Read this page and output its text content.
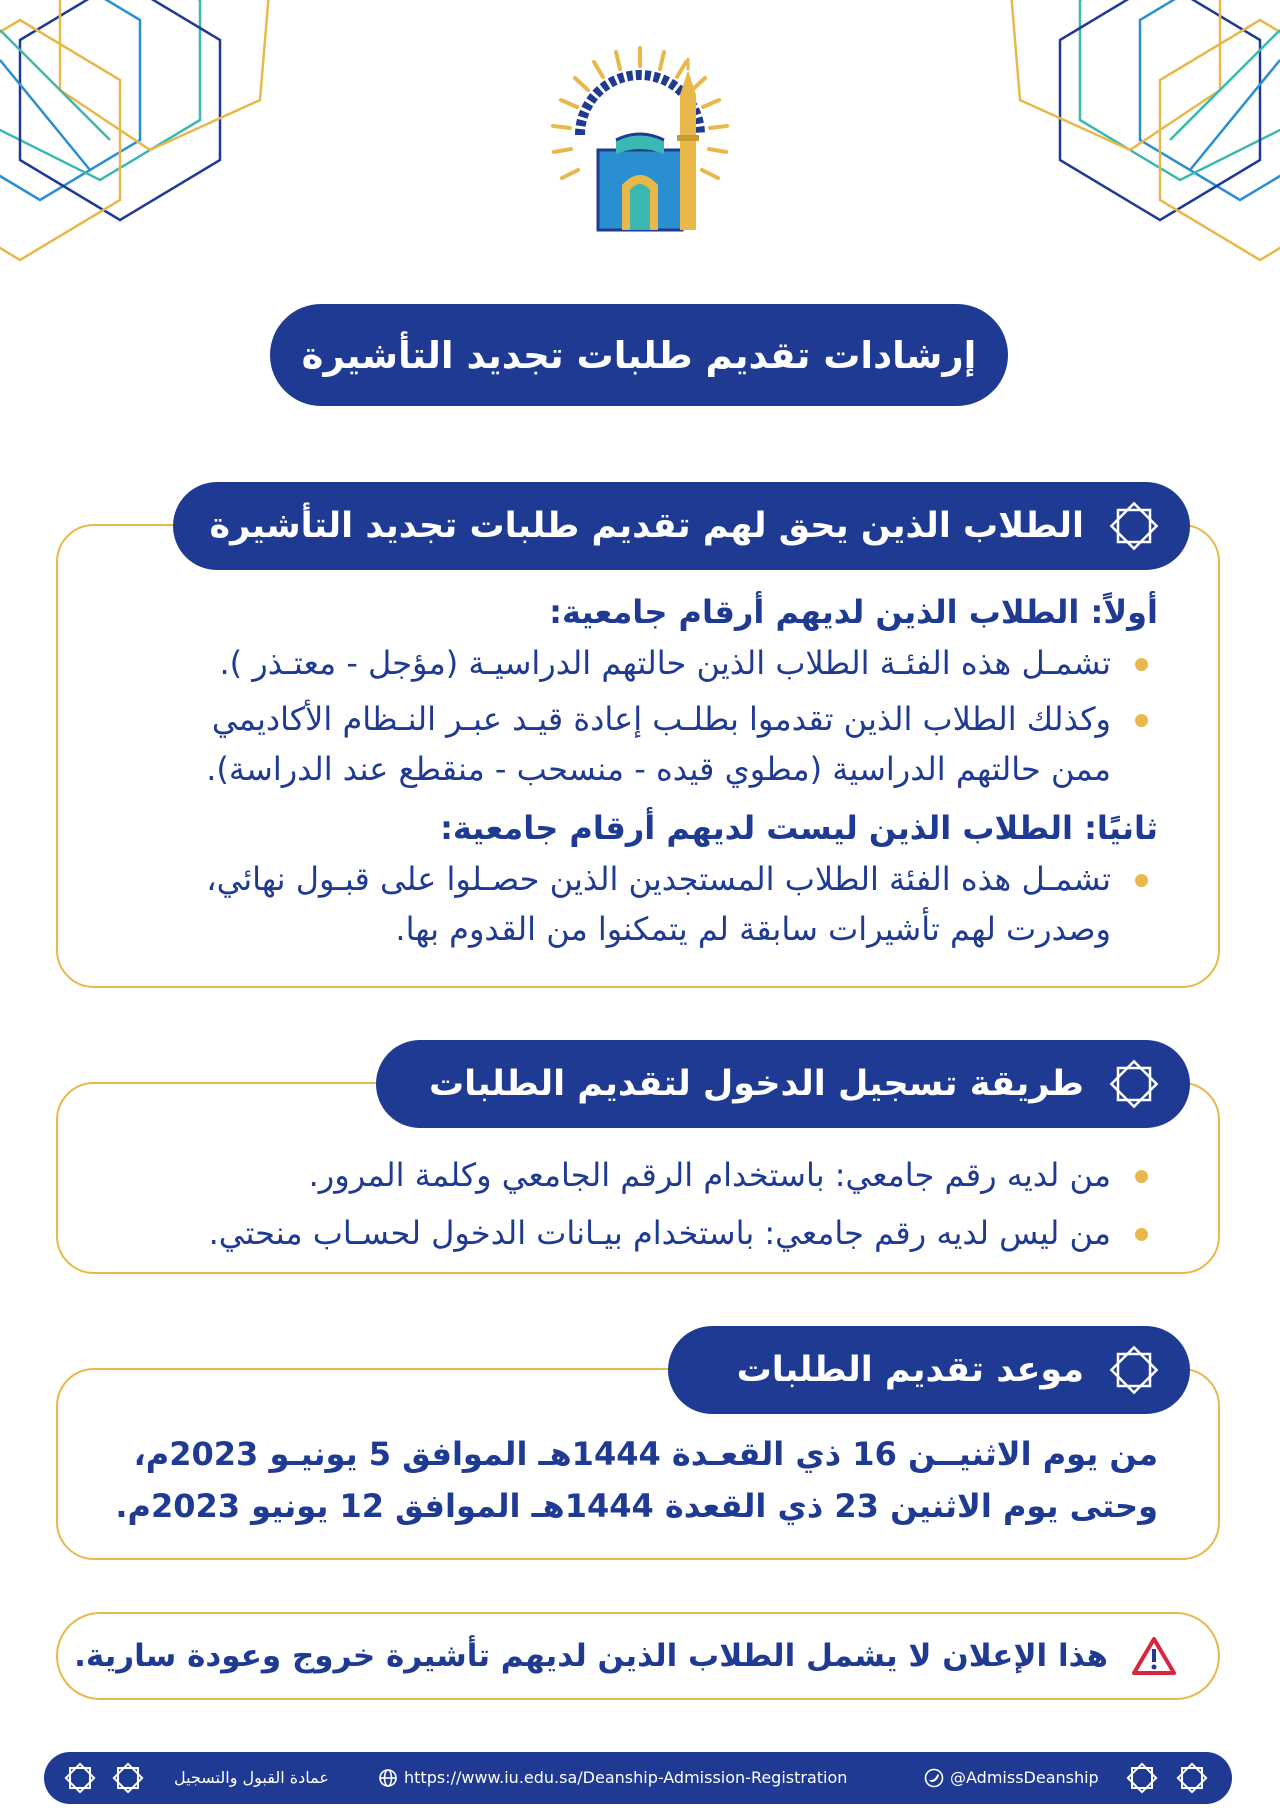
إرشادات تقديم طلبات تجديد التأشيرة
أولاً: الطلاب الذين لديهم أرقام جامعية:
تشمـل هذه الفئـة الطلاب الذين حالتهم الدراسيـة (مؤجل - معتـذر ).
وكذلك الطلاب الذين تقدموا بطلـب إعادة قيـد عبـر النـظام الأكاديمي
ممن حالتهم الدراسية (مطوي قيده - منسحب - منقطع عند الدراسة).
ثانيًا: الطلاب الذين ليست لديهم أرقام جامعية:
تشمـل هذه الفئة الطلاب المستجدين الذين حصـلوا على قبـول نهائي،
وصدرت لهم تأشيرات سابقة لم يتمكنوا من القدوم بها.
الطلاب الذين يحق لهم تقديم طلبات تجديد التأشيرة
من لديه رقم جامعي: باستخدام الرقم الجامعي وكلمة المرور.
من ليس لديه رقم جامعي: باستخدام بيـانات الدخول لحسـاب منحتي.
طريقة تسجيل الدخول لتقديم الطلبات
من يوم الاثنيــن 16 ذي القعـدة 1444هـ الموافق 5 يونيـو 2023م،
وحتى يوم الاثنين 23 ذي القعدة 1444هـ الموافق 12 يونيو 2023م.
موعد تقديم الطلبات
هذا الإعلان لا يشمل الطلاب الذين لديهم تأشيرة خروج وعودة سارية.
عمادة القبول والتسجيل	https://www.iu.edu.sa/Deanship-Admission-Registration	@AdmissDeanship
